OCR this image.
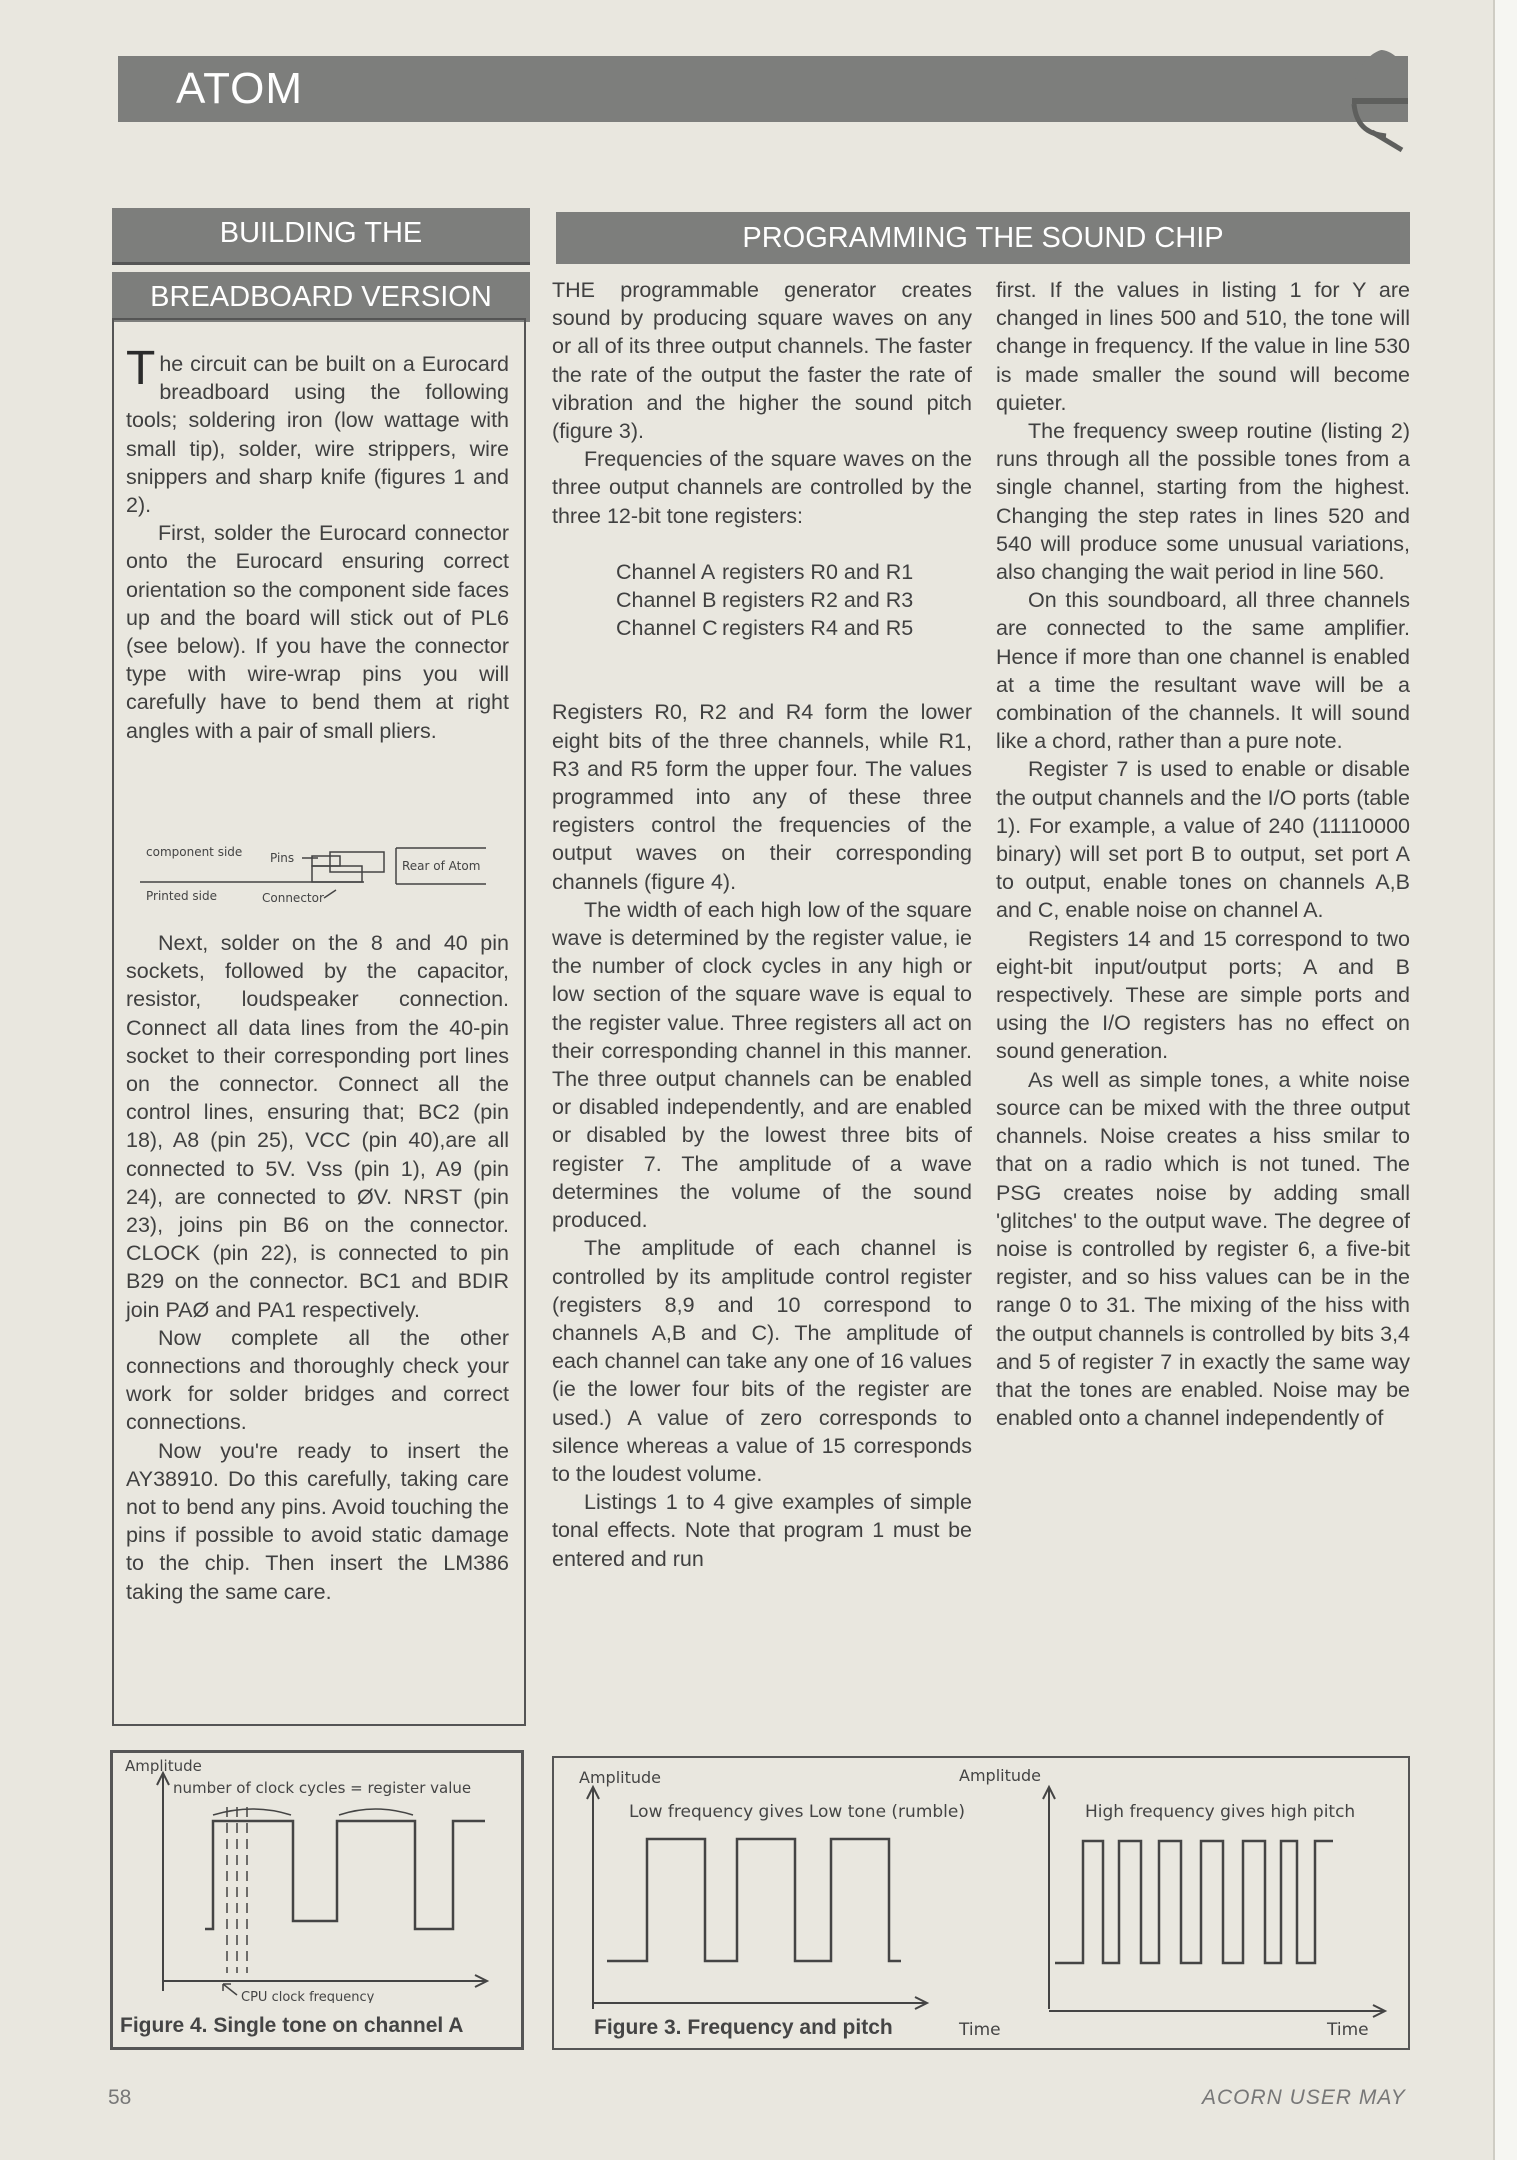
ATOM
BUILDING THE
BREADBOARD VERSION

The circuit can be built on a Eurocard breadboard using the following tools; soldering iron (low wattage with small tip), solder, wire strippers, wire snippers and sharp knife (figures 1 and 2).

First, solder the Eurocard connector onto the Eurocard ensuring correct orientation so the component side faces up and the board will stick out of PL6 (see below). If you have the connector type with wire-wrap pins you will carefully have to bend them at right angles with a pair of small pliers.

component side Pins
Rear of Atom
Printed side	Connector

Next, solder on the 8 and 40 pin sockets, followed by the capacitor, resistor, loudspeaker connection. Connect all data lines from the 40-pin socket to their corresponding port lines on the connector. Connect all the control lines, ensuring that; BC2 (pin 18), A8 (pin 25), VCC (pin 40),are all connected to 5V. Vss (pin 1), A9 (pin 24), are connected to ØV. NRST (pin 23), joins pin B6 on the connector. CLOCK (pin 22), is connected to pin B29 on the connector. BC1 and BDIR join PAØ and PA1 respectively.

Now complete all the other connections and thoroughly check your work for solder bridges and correct connections.

Now you're ready to insert the AY38910. Do this carefully, taking care not to bend any pins. Avoid touching the pins if possible to avoid static damage to the chip. Then insert the LM386 taking the same care.

PROGRAMMING THE SOUND CHIP

THE programmable generator creates sound by producing square waves on any or all of its three output channels. The faster the rate of the output the faster the rate of vibration and the higher the sound pitch (figure 3).

Frequencies of the square waves on the three output channels are controlled by the three 12-bit tone registers:

Channel A registers R0 and R1

Channel B registers R2 and R3

Channel C registers R4 and R5

Registers R0, R2 and R4 form the lower eight bits of the three channels, while R1, R3 and R5 form the upper four. The values programmed into any of these three registers control the frequencies of the output waves on their corresponding channels (figure 4).

The width of each high low of the square wave is determined by the register value, ie the number of clock cycles in any high or low section of the square wave is equal to the register value. Three registers all act on their corresponding channel in this manner. The three output channels can be enabled or disabled independently, and are enabled or disabled by the lowest three bits of register 7. The amplitude of a wave determines the volume of the sound produced.

The amplitude of each channel is controlled by its amplitude control register (registers 8,9 and 10 correspond to channels A,B and C). The amplitude of each channel can take any one of 16 values (ie the lower four bits of the register are used.) A value of zero corresponds to silence whereas a value of 15 corresponds to the loudest volume.

Listings 1 to 4 give examples of simple tonal effects. Note that program 1 must be entered and run

first. If the values in listing 1 for Y are changed in lines 500 and 510, the tone will change in frequency. If the value in line 530 is made smaller the sound will become quieter.

The frequency sweep routine (listing 2) runs through all the possible tones from a single channel, starting from the highest. Changing the step rates in lines 520 and 540 will produce some unusual variations, also changing the wait period in line 560.

On this soundboard, all three channels are connected to the same amplifier. Hence if more than one channel is enabled at a time the resultant wave will be a combination of the channels. It will sound like a chord, rather than a pure note.

Register 7 is used to enable or disable the output channels and the I/O ports (table 1). For example, a value of 240 (11110000 binary) will set port B to output, set port A to output, enable tones on channels A,B and C, enable noise on channel A.

Registers 14 and 15 correspond to two eight-bit input/output ports; A and B respectively. These are simple ports and using the I/O registers has no effect on sound generation.

As well as simple tones, a white noise source can be mixed with the three output channels. Noise creates a hiss smilar to that on a radio which is not tuned. The PSG creates noise by adding small 'glitches' to the output wave. The degree of noise is controlled by register 6, a five-bit register, and so hiss values can be in the range 0 to 31. The mixing of the hiss with the output channels is controlled by bits 3,4 and 5 of register 7 in exactly the same way that the tones are enabled. Noise may be enabled onto a channel independently of

Amplitude
number of clock cycles = register value
CPU clock frequency
Figure 4. Single tone on channel A
Amplitude
Low frequency gives Low tone (rumble)
Amplitude
High frequency gives high pitch
Time	Time
Figure 3. Frequency and pitch
58	ACORN USER MAY
